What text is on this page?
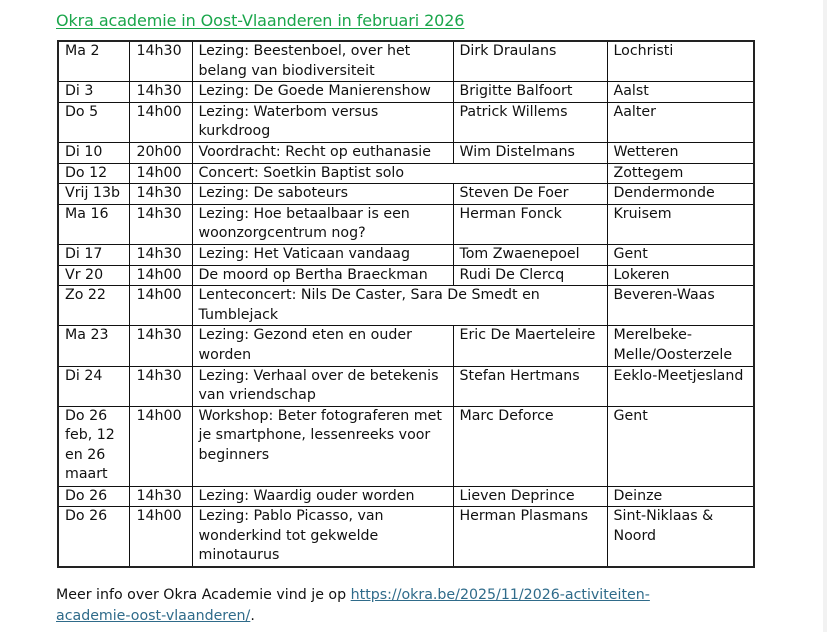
Okra academie in Oost-Vlaanderen in februari 2026
Ma 2	14h30	Lezing: Beestenboel, over het belang van biodiversiteit	Dirk Draulans	Lochristi
Di 3	14h30	Lezing: De Goede Manierenshow	Brigitte Balfoort	Aalst
Do 5	14h00	Lezing: Waterbom versus kurkdroog	Patrick Willems	Aalter
Di 10	20h00	Voordracht: Recht op euthanasie	Wim Distelmans	Wetteren
Do 12	14h00	Concert: Soetkin Baptist solo		Zottegem
Vrij 13b	14h30	Lezing: De saboteurs	Steven De Foer	Dendermonde
Ma 16	14h30	Lezing: Hoe betaalbaar is een woonzorgcentrum nog?	Herman Fonck	Kruisem
Di 17	14h30	Lezing: Het Vaticaan vandaag	Tom Zwaenepoel	Gent
Vr 20	14h00	De moord op Bertha Braeckman	Rudi De Clercq	Lokeren
Zo 22	14h00	Lenteconcert: Nils De Caster, Sara De Smedt en Tumblejack		Beveren-Waas
Ma 23	14h30	Lezing: Gezond eten en ouder worden	Eric De Maerteleire	Merelbeke-Melle/Oosterzele
Di 24	14h30	Lezing: Verhaal over de betekenis van vriendschap	Stefan Hertmans	Eeklo-Meetjesland
Do 26 feb, 12 en 26 maart	14h00	Workshop: Beter fotograferen met je smartphone, lessenreeks voor beginners	Marc Deforce	Gent
Do 26	14h30	Lezing: Waardig ouder worden	Lieven Deprince	Deinze
Do 26	14h00	Lezing: Pablo Picasso, van wonderkind tot gekwelde minotaurus	Herman Plasmans	Sint-Niklaas & Noord
Meer info over Okra Academie vind je op https://okra.be/2025/11/2026-activiteiten-academie-oost-vlaanderen/.
